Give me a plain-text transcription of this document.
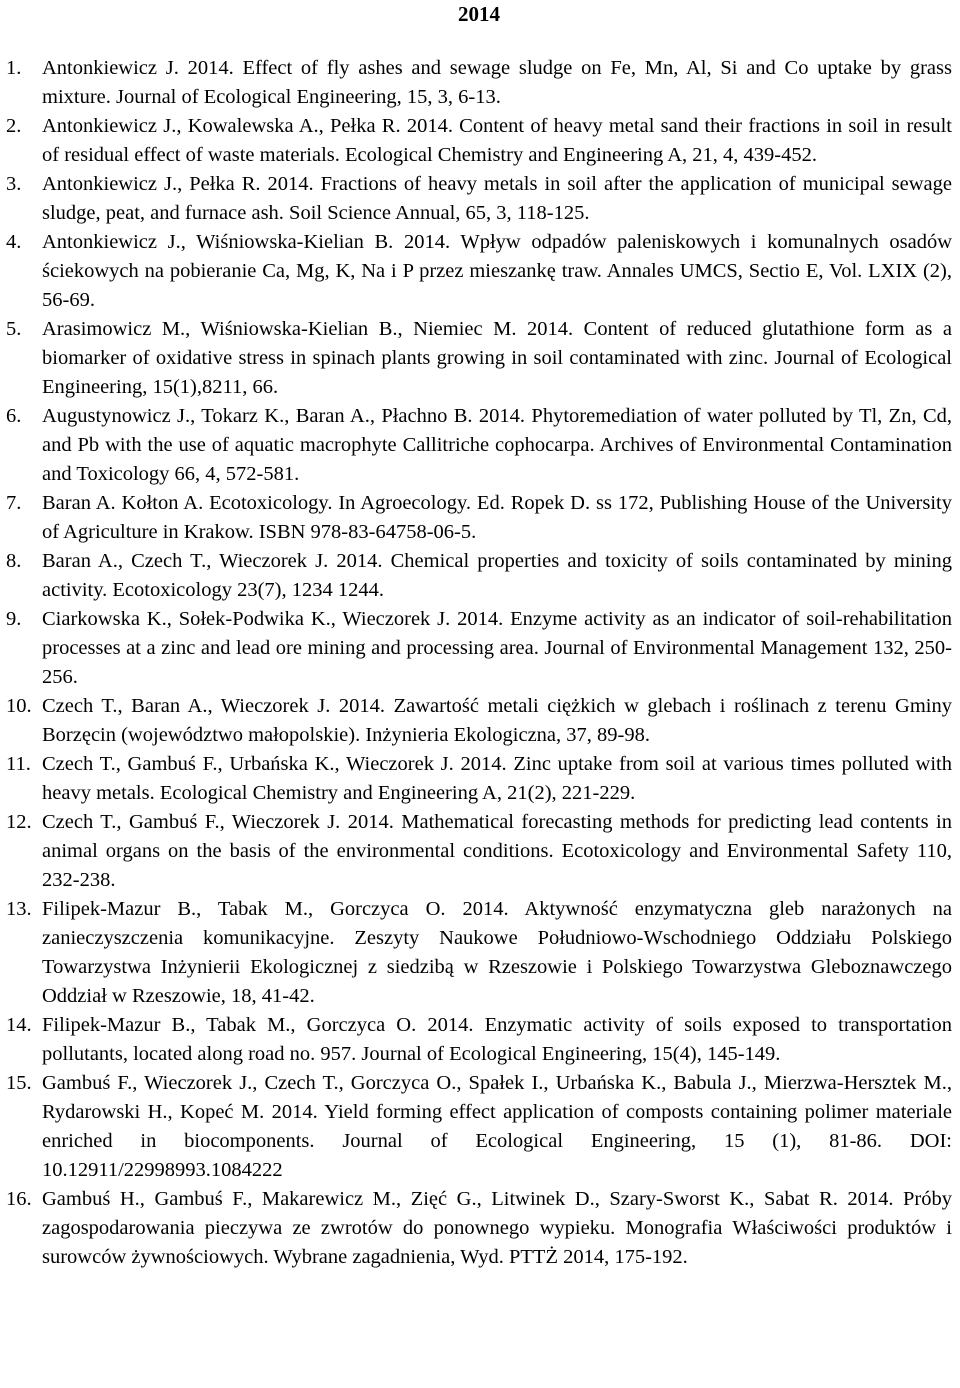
2014
1.	Antonkiewicz J. 2014. Effect of fly ashes and sewage sludge on Fe, Mn, Al, Si and Co uptake by grass mixture. Journal of Ecological Engineering, 15, 3, 6-13.
2.	Antonkiewicz J., Kowalewska A., Pełka R. 2014. Content of heavy metal sand their fractions in soil in result of residual effect of waste materials. Ecological Chemistry and Engineering A, 21, 4, 439-452.
3.	Antonkiewicz J., Pełka R. 2014. Fractions of heavy metals in soil after the application of municipal sewage sludge, peat, and furnace ash. Soil Science Annual, 65, 3, 118-125.
4.	Antonkiewicz J., Wiśniowska-Kielian B. 2014. Wpływ odpadów paleniskowych i komunalnych osadów ściekowych na pobieranie Ca, Mg, K, Na i P przez mieszankę traw. Annales UMCS, Sectio E, Vol. LXIX (2), 56-69.
5.	Arasimowicz M., Wiśniowska-Kielian B., Niemiec M. 2014. Content of reduced glutathione form as a biomarker of oxidative stress in spinach plants growing in soil contaminated with zinc. Journal of Ecological Engineering, 15(1),8211, 66.
6.	Augustynowicz J., Tokarz K., Baran A., Płachno B. 2014. Phytoremediation of water polluted by Tl, Zn, Cd, and Pb with the use of aquatic macrophyte Callitriche cophocarpa. Archives of Environmental Contamination and Toxicology 66, 4, 572-581.
7.	Baran A. Kołton A. Ecotoxicology. In Agroecology. Ed. Ropek D. ss 172, Publishing House of the University of Agriculture in Krakow. ISBN 978-83-64758-06-5.
8.	Baran A., Czech T., Wieczorek J. 2014. Chemical properties and toxicity of soils contaminated by mining activity. Ecotoxicology 23(7), 1234 1244.
9.	Ciarkowska K., Sołek-Podwika K., Wieczorek J. 2014. Enzyme activity as an indicator of soil-rehabilitation processes at a zinc and lead ore mining and processing area. Journal of Environmental Management 132, 250-256.
10. Czech T., Baran A., Wieczorek J. 2014. Zawartość metali ciężkich w glebach i roślinach z terenu Gminy Borzęcin (województwo małopolskie). Inżynieria Ekologiczna, 37, 89-98.
11. Czech T., Gambuś F., Urbańska K., Wieczorek J. 2014. Zinc uptake from soil at various times polluted with heavy metals. Ecological Chemistry and Engineering A, 21(2), 221-229.
12. Czech T., Gambuś F., Wieczorek J. 2014. Mathematical forecasting methods for predicting lead contents in animal organs on the basis of the environmental conditions. Ecotoxicology and Environmental Safety 110, 232-238.
13. Filipek-Mazur B., Tabak M., Gorczyca O. 2014. Aktywność enzymatyczna gleb narażonych na zanieczyszczenia komunikacyjne. Zeszyty Naukowe Południowo-Wschodniego Oddziału Polskiego Towarzystwa Inżynierii Ekologicznej z siedzibą w Rzeszowie i Polskiego Towarzystwa Gleboznawczego Oddział w Rzeszowie, 18, 41-42.
14. Filipek-Mazur B., Tabak M., Gorczyca O. 2014. Enzymatic activity of soils exposed to transportation pollutants, located along road no. 957. Journal of Ecological Engineering, 15(4), 145-149.
15. Gambuś F., Wieczorek J., Czech T., Gorczyca O., Spałek I., Urbańska K., Babula J., Mierzwa-Hersztek M., Rydarowski H., Kopeć M. 2014. Yield forming effect application of composts containing polimer materiale enriched in biocomponents. Journal of Ecological Engineering, 15 (1), 81-86. DOI: 10.12911/22998993.1084222
16. Gambuś H., Gambuś F., Makarewicz M., Zięć G., Litwinek D., Szary-Sworst K., Sabat R. 2014. Próby zagospodarowania pieczywa ze zwrotów do ponownego wypieku. Monografia Właściwości produktów i surowców żywnościowych. Wybrane zagadnienia, Wyd. PTTŻ 2014, 175-192.
